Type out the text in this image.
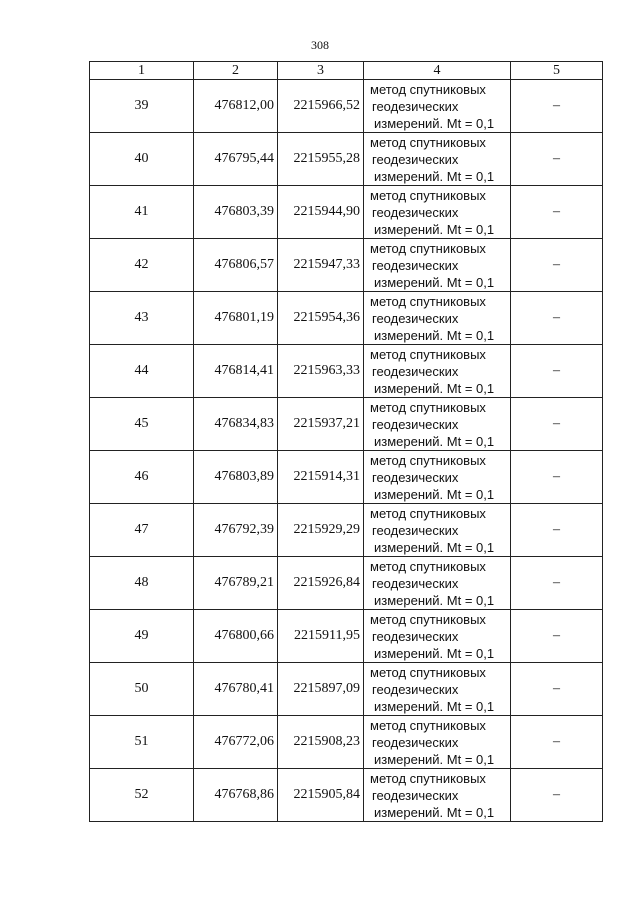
308
1	2	3	4	5
39	476812,00	2215966,52	метод спутниковых
геодезических
измерений. Mt = 0,1	–
40	476795,44	2215955,28	метод спутниковых
геодезических
измерений. Mt = 0,1	–
41	476803,39	2215944,90	метод спутниковых
геодезических
измерений. Mt = 0,1	–
42	476806,57	2215947,33	метод спутниковых
геодезических
измерений. Mt = 0,1	–
43	476801,19	2215954,36	метод спутниковых
геодезических
измерений. Mt = 0,1	–
44	476814,41	2215963,33	метод спутниковых
геодезических
измерений. Mt = 0,1	–
45	476834,83	2215937,21	метод спутниковых
геодезических
измерений. Mt = 0,1	–
46	476803,89	2215914,31	метод спутниковых
геодезических
измерений. Mt = 0,1	–
47	476792,39	2215929,29	метод спутниковых
геодезических
измерений. Mt = 0,1	–
48	476789,21	2215926,84	метод спутниковых
геодезических
измерений. Mt = 0,1	–
49	476800,66	2215911,95	метод спутниковых
геодезических
измерений. Mt = 0,1	–
50	476780,41	2215897,09	метод спутниковых
геодезических
измерений. Mt = 0,1	–
51	476772,06	2215908,23	метод спутниковых
геодезических
измерений. Mt = 0,1	–
52	476768,86	2215905,84	метод спутниковых
геодезических
измерений. Mt = 0,1	–
